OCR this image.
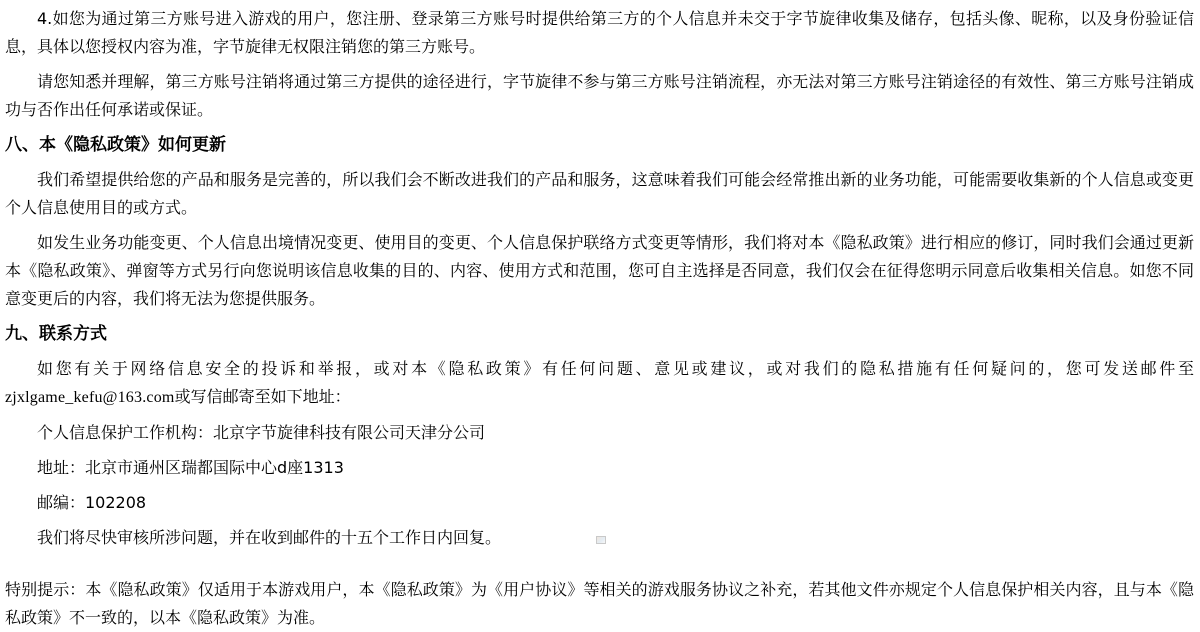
4.如您为通过第三方账号进入游戏的用户，您注册、登录第三方账号时提供给第三方的个人信息并未交于字节旋律收集及储存，包括头像、昵称，以及身份验证信息，具体以您授权内容为准，字节旋律无权限注销您的第三方账号。

请您知悉并理解，第三方账号注销将通过第三方提供的途径进行，字节旋律不参与第三方账号注销流程，亦无法对第三方账号注销途径的有效性、第三方账号注销成功与否作出任何承诺或保证。

八、本《隐私政策》如何更新

我们希望提供给您的产品和服务是完善的，所以我们会不断改进我们的产品和服务，这意味着我们可能会经常推出新的业务功能，可能需要收集新的个人信息或变更个人信息使用目的或方式。

如发生业务功能变更、个人信息出境情况变更、使用目的变更、个人信息保护联络方式变更等情形，我们将对本《隐私政策》进行相应的修订，同时我们会通过更新本《隐私政策》、弹窗等方式另行向您说明该信息收集的目的、内容、使用方式和范围，您可自主选择是否同意，我们仅会在征得您明示同意后收集相关信息。如您不同意变更后的内容，我们将无法为您提供服务。

九、联系方式

如您有关于网络信息安全的投诉和举报，或对本《隐私政策》有任何问题、意见或建议，或对我们的隐私措施有任何疑问的，您可发送邮件至zjxlgame_kefu@163.com或写信邮寄至如下地址：

个人信息保护工作机构：北京字节旋律科技有限公司天津分公司

地址：北京市通州区瑞都国际中心d座1313

邮编：102208

我们将尽快审核所涉问题，并在收到邮件的十五个工作日内回复。

特别提示：本《隐私政策》仅适用于本游戏用户，本《隐私政策》为《用户协议》等相关的游戏服务协议之补充，若其他文件亦规定个人信息保护相关内容，且与本《隐私政策》不一致的，以本《隐私政策》为准。
